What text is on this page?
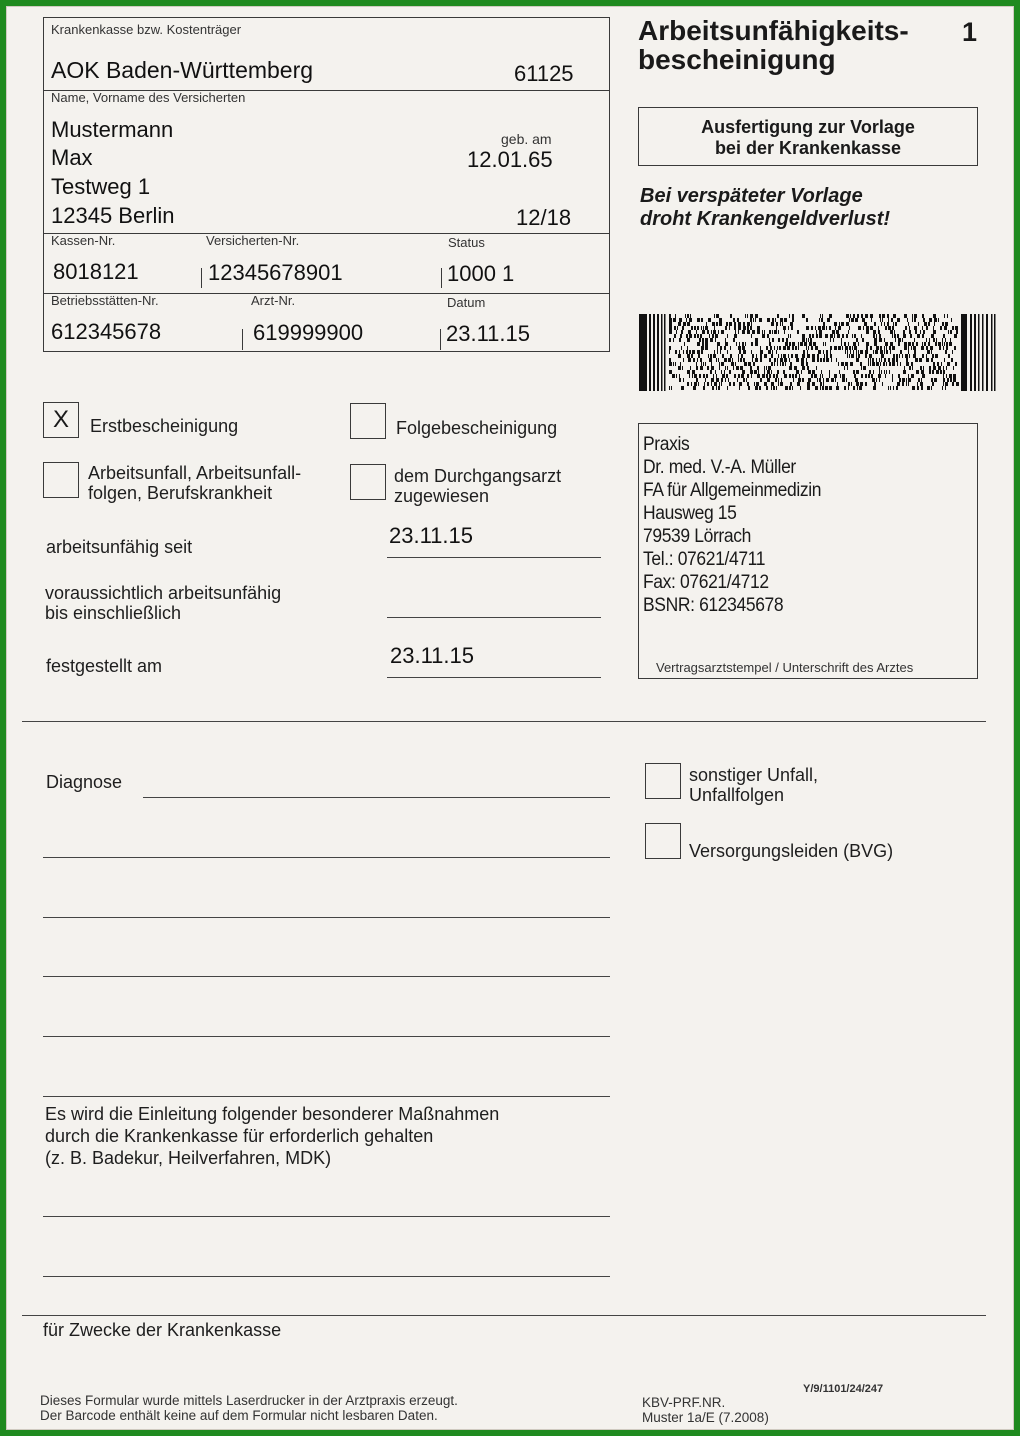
Krankenkasse bzw. Kostenträger
AOK Baden-Württemberg	61125
Name, Vorname des Versicherten
Mustermann
Max
Testweg 1
12345 Berlin
geb. am
12.01.65
12/18
Kassen-Nr.	Versicherten-Nr.	Status
8018121	12345678901	1000 1
Betriebsstätten-Nr.	Arzt-Nr.	Datum
612345678	619999900	23.11.15
Arbeitsunfähigkeits-
bescheinigung
1
Ausfertigung zur Vorlage
bei der Krankenkasse
Bei verspäteter Vorlage
droht Krankengeldverlust!
X	Erstbescheinigung	Folgebescheinigung
Arbeitsunfall, Arbeitsunfall-
folgen, Berufskrankheit
dem Durchgangsarzt
zugewiesen
arbeitsunfähig seit	23.11.15
voraussichtlich arbeitsunfähig
bis einschließlich
festgestellt am	23.11.15
Praxis
Dr. med. V.-A. Müller
FA für Allgemeinmedizin
Hausweg 15
79539 Lörrach
Tel.: 07621/4711
Fax: 07621/4712
BSNR: 612345678
Vertragsarztstempel / Unterschrift des Arztes
Diagnose	sonstiger Unfall,
Unfallfolgen
Versorgungsleiden (BVG)
Es wird die Einleitung folgender besonderer Maßnahmen
durch die Krankenkasse für erforderlich gehalten
(z. B. Badekur, Heilverfahren, MDK)
für Zwecke der Krankenkasse
Dieses Formular wurde mittels Laserdrucker in der Arztpraxis erzeugt.
Der Barcode enthält keine auf dem Formular nicht lesbaren Daten.
Y/9/1101/24/247
KBV-PRF.NR.
Muster 1a/E (7.2008)
